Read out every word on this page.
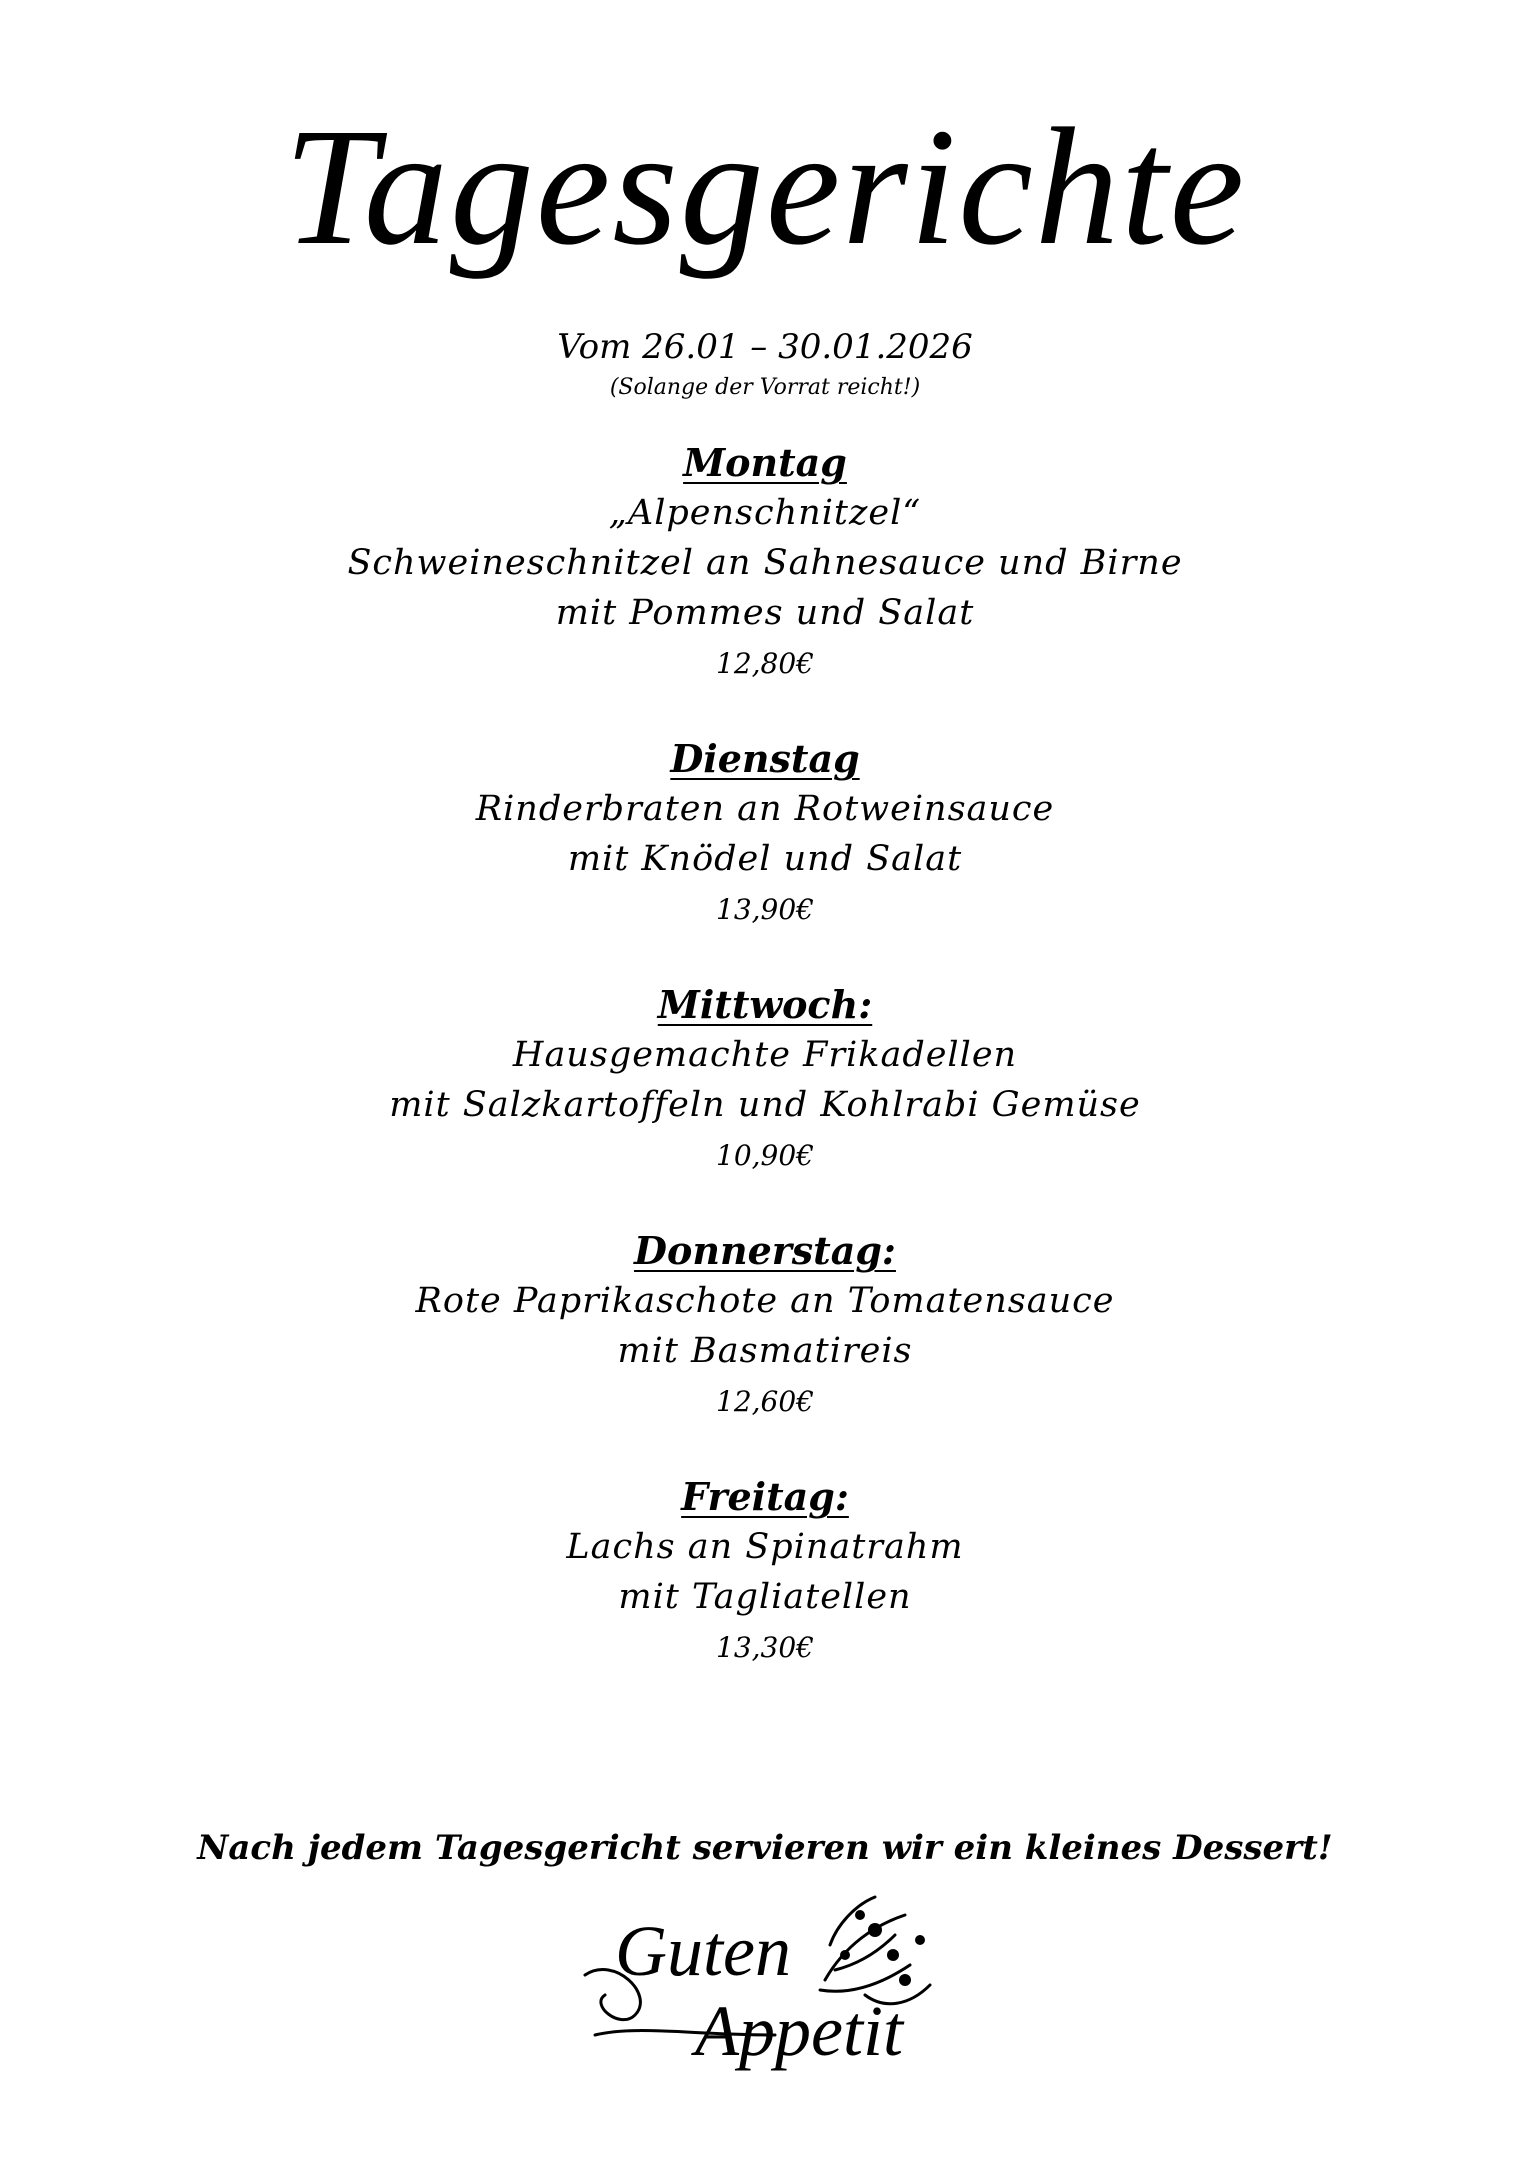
Tagesgerichte
Vom 26.01 – 30.01.2026
(Solange der Vorrat reicht!)
Montag
„Alpenschnitzel“
Schweineschnitzel an Sahnesauce und Birne
mit Pommes und Salat
12,80€
Dienstag
Rinderbraten an Rotweinsauce
mit Knödel und Salat
13,90€
Mittwoch:
Hausgemachte Frikadellen
mit Salzkartoffeln und Kohlrabi Gemüse
10,90€
Donnerstag:
Rote Paprikaschote an Tomatensauce
mit Basmatireis
12,60€
Freitag:
Lachs an Spinatrahm
mit Tagliatellen
13,30€
Nach jedem Tagesgericht servieren wir ein kleines Dessert!
Guten
Appetit
